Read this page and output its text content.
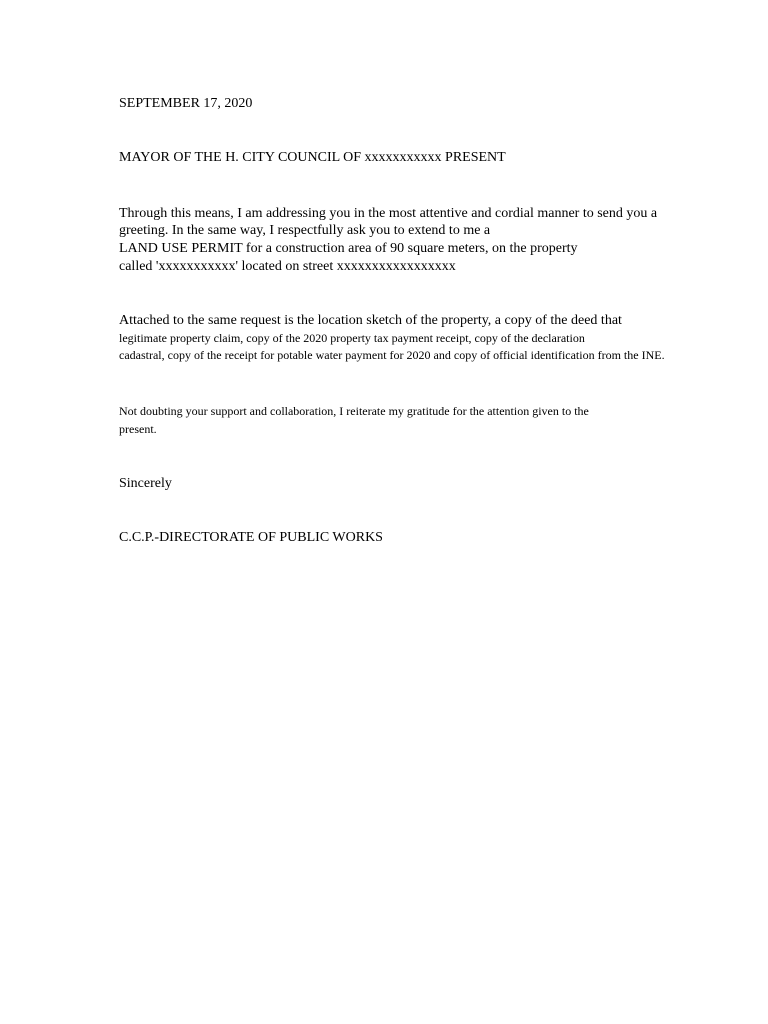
SEPTEMBER 17, 2020
MAYOR OF THE H. CITY COUNCIL OF xxxxxxxxxxx PRESENT
Through this means, I am addressing you in the most attentive and cordial manner to send you a
greeting. In the same way, I respectfully ask you to extend to me a
LAND USE PERMIT for a construction area of 90 square meters, on the property
called 'xxxxxxxxxxx' located on street xxxxxxxxxxxxxxxxx
Attached to the same request is the location sketch of the property, a copy of the deed that
legitimate property claim, copy of the 2020 property tax payment receipt, copy of the declaration
cadastral, copy of the receipt for potable water payment for 2020 and copy of official identification from the INE.
Not doubting your support and collaboration, I reiterate my gratitude for the attention given to the
present.
Sincerely
C.C.P.-DIRECTORATE OF PUBLIC WORKS
